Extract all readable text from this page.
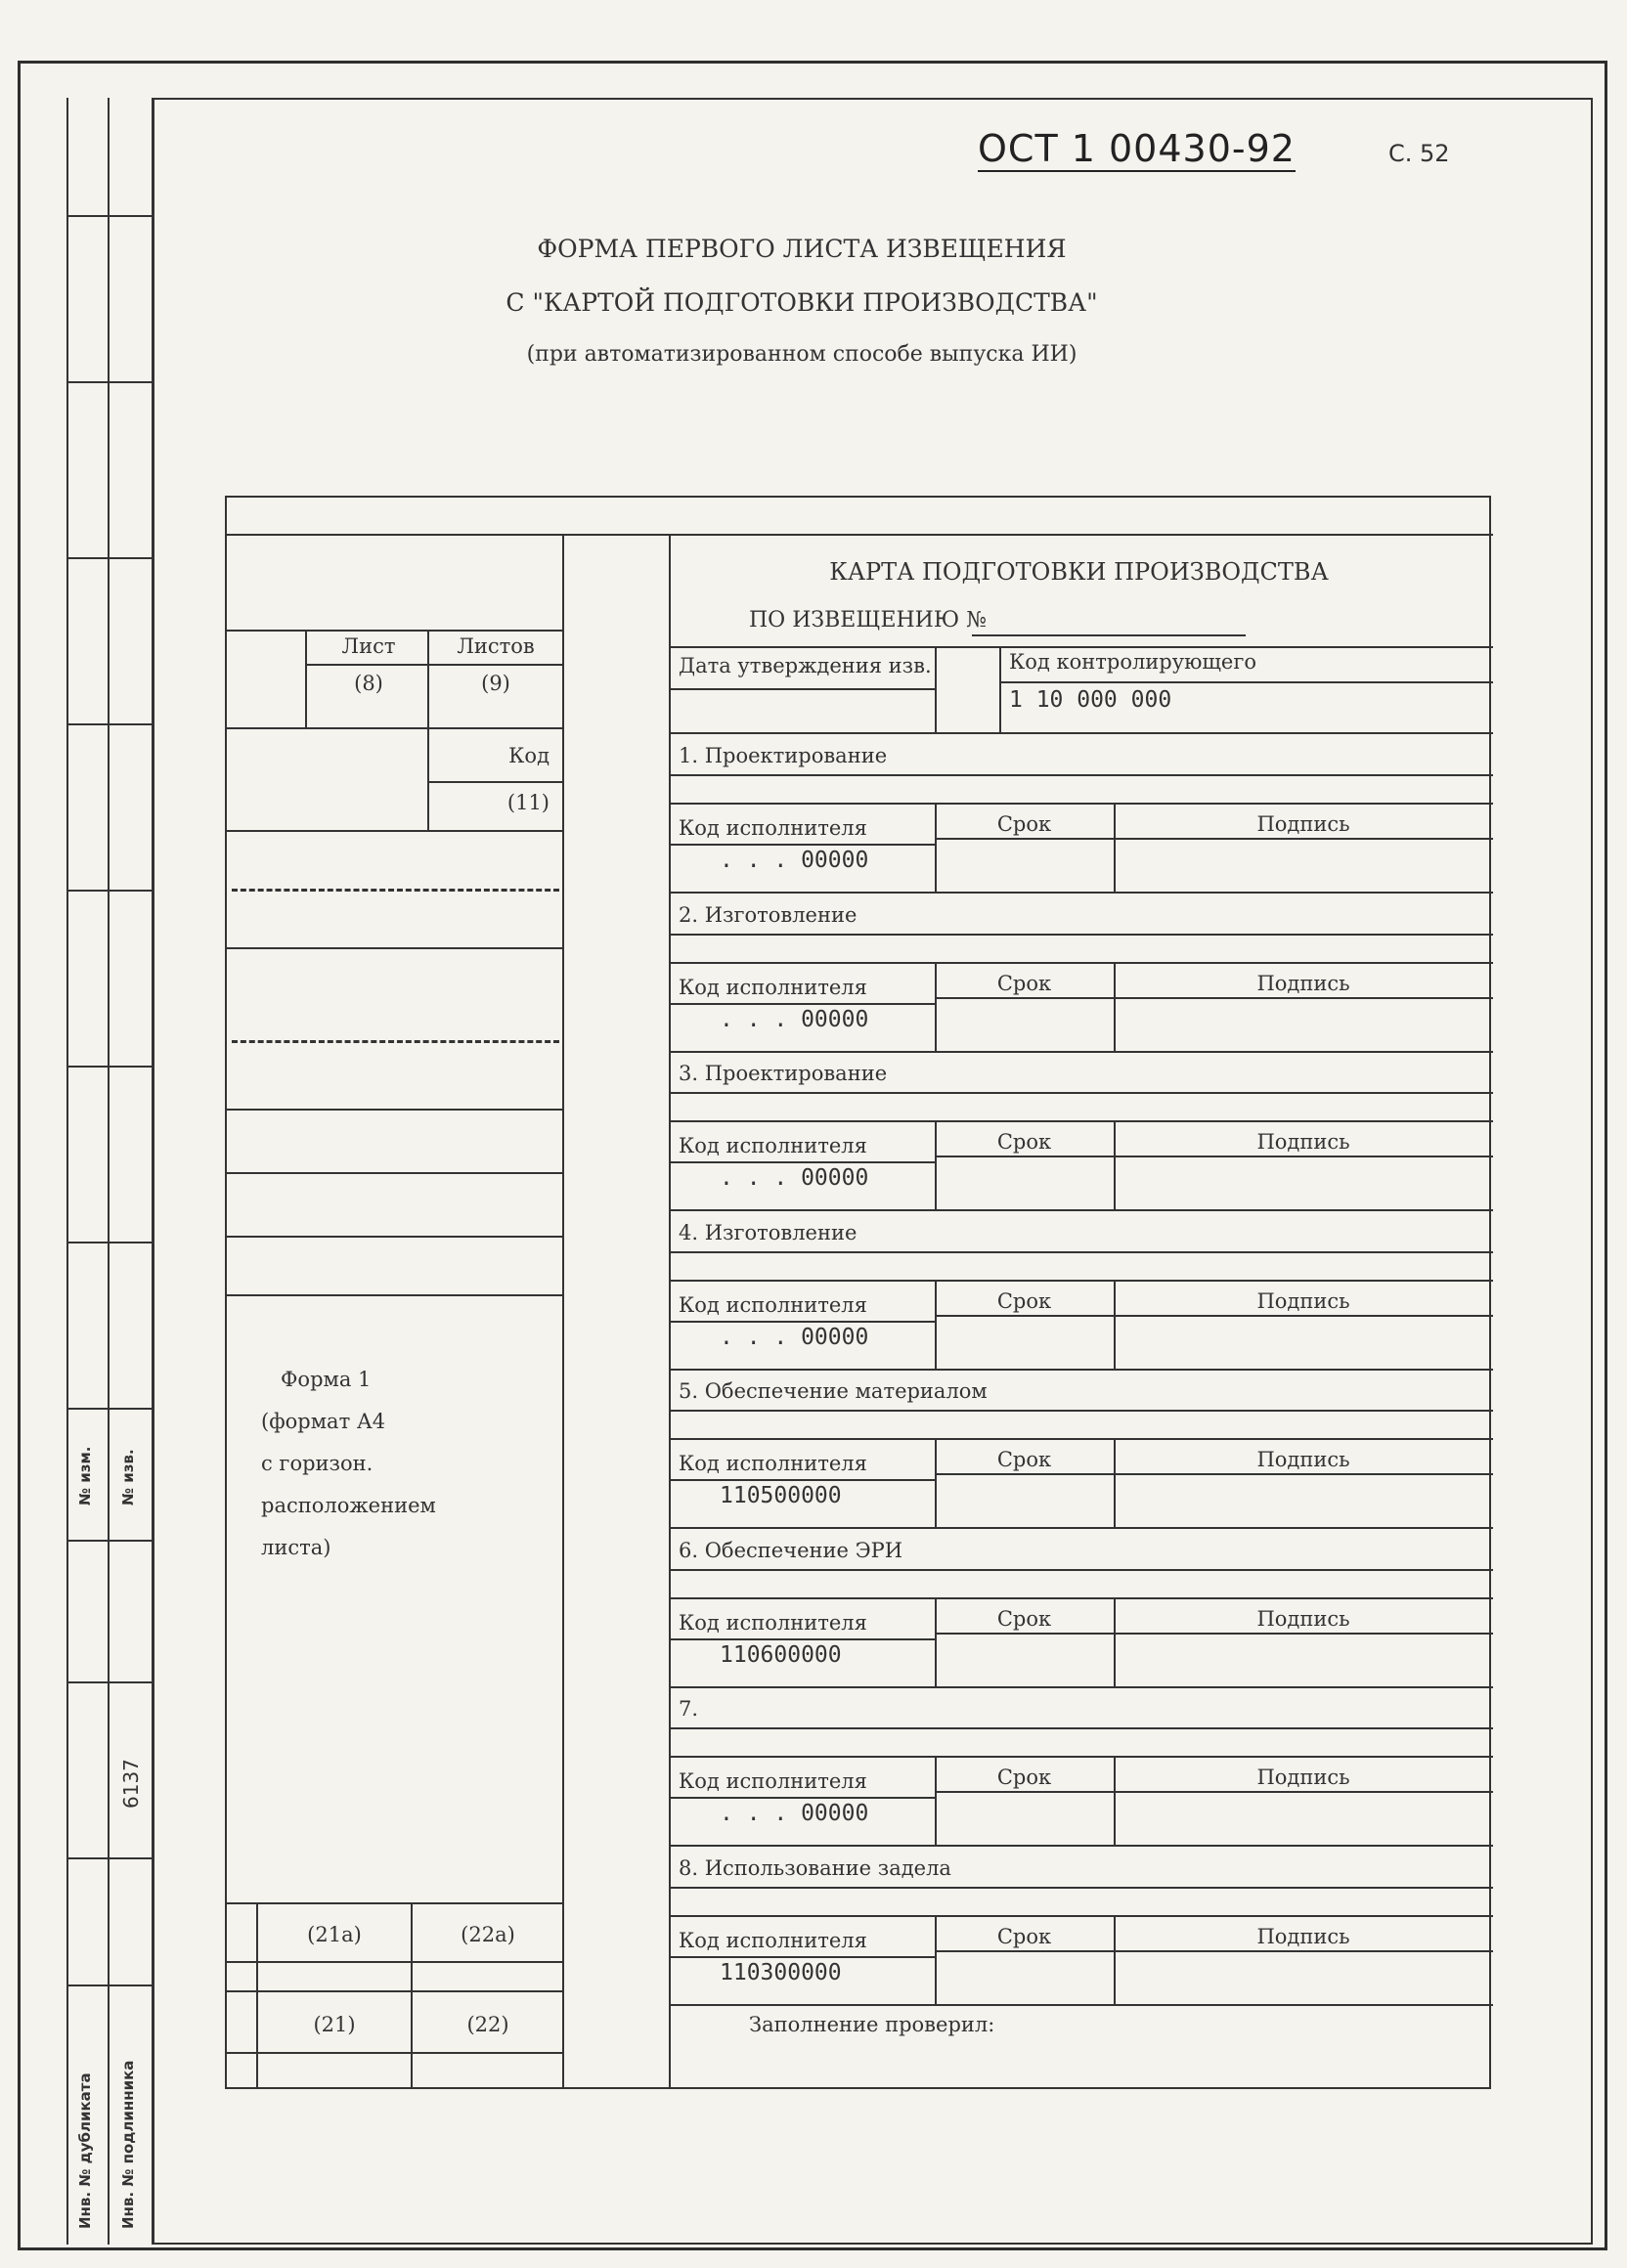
№ изм. № изв.
6137
Инв. № дубликата Инв. № подлинника
ОСТ 1 00430-92	С. 52
ФОРМА ПЕРВОГО ЛИСТА ИЗВЕЩЕНИЯ
С "КАРТОЙ ПОДГОТОВКИ ПРОИЗВОДСТВА"
(при автоматизированном способе выпуска ИИ)
Лист	Листов
(8)	(9)
Код
(11)
Форма 1
(формат А4
с горизон.
расположением
листа)
(21а)	(22а)
(21)	(22)
КАРТА ПОДГОТОВКИ ПРОИЗВОДСТВА
ПО ИЗВЕЩЕНИЮ №
Дата утверждения изв.	Код контролирующего
1 10 000 000
1. Проектирование
Код исполнителя	Срок	Подпись
. . . 00000
2. Изготовление
Код исполнителя	Срок	Подпись
. . . 00000
3. Проектирование
Код исполнителя	Срок	Подпись
. . . 00000
4. Изготовление
Код исполнителя	Срок	Подпись
. . . 00000
5. Обеспечение материалом
Код исполнителя	Срок	Подпись
110500000
6. Обеспечение ЭРИ
Код исполнителя	Срок	Подпись
110600000
7.
Код исполнителя	Срок	Подпись
. . . 00000
8. Использование задела
Код исполнителя	Срок	Подпись
110300000
Заполнение проверил:
